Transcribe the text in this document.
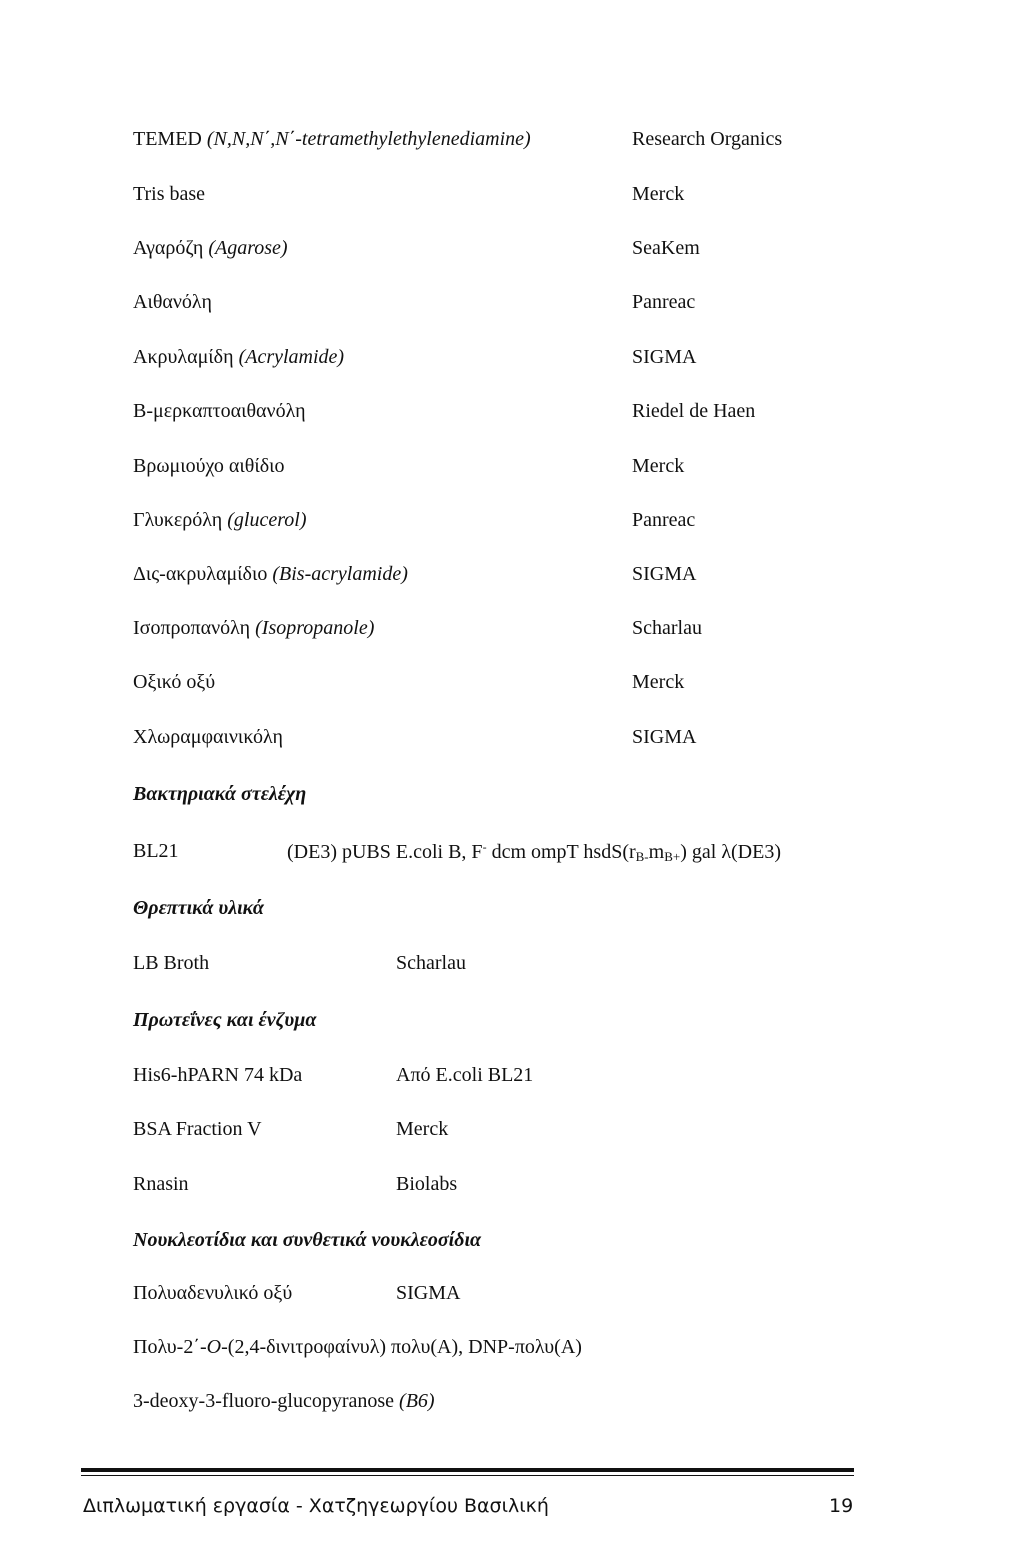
TEMED (N,N,N΄,N΄-tetramethylethylenediamine)	Research Organics
Tris base	Merck
Αγαρόζη (Agarose)	SeaKem
Αιθανόλη	Panreac
Ακρυλαμίδη (Acrylamide)	SIGMA
Β-μερκαπτοαιθανόλη	Riedel de Haen
Βρωμιούχο αιθίδιο	Merck
Γλυκερόλη (glucerol)	Panreac
Δις-ακρυλαμίδιο (Bis-acrylamide)	SIGMA
Ισοπροπανόλη (Isopropanole)	Scharlau
Οξικό οξύ	Merck
Χλωραμφαινικόλη	SIGMA
Βακτηριακά στελέχη
BL21	(DE3) pUBS E.coli B, F- dcm ompT $hsdS(r_{B-}m_{B+})$ gal λ(DE3)
Θρεπτικά υλικά
LB Broth	Scharlau
Πρωτεΐνες και ένζυμα
His6-hPARN 74 kDa	Από E.coli BL21
BSA Fraction V	Merck
Rnasin	Biolabs
Νουκλεοτίδια και συνθετικά νουκλεοσίδια
Πολυαδενυλικό οξύ	SIGMA
Πολυ-2΄-O-(2,4-δινιτροφαίνυλ) πολυ(A), DNP-πολυ(A)
3-deoxy-3-fluoro-glucopyranose (B6)
Διπλωματική εργασία - Χατζηγεωργίου Βασιλική	19
